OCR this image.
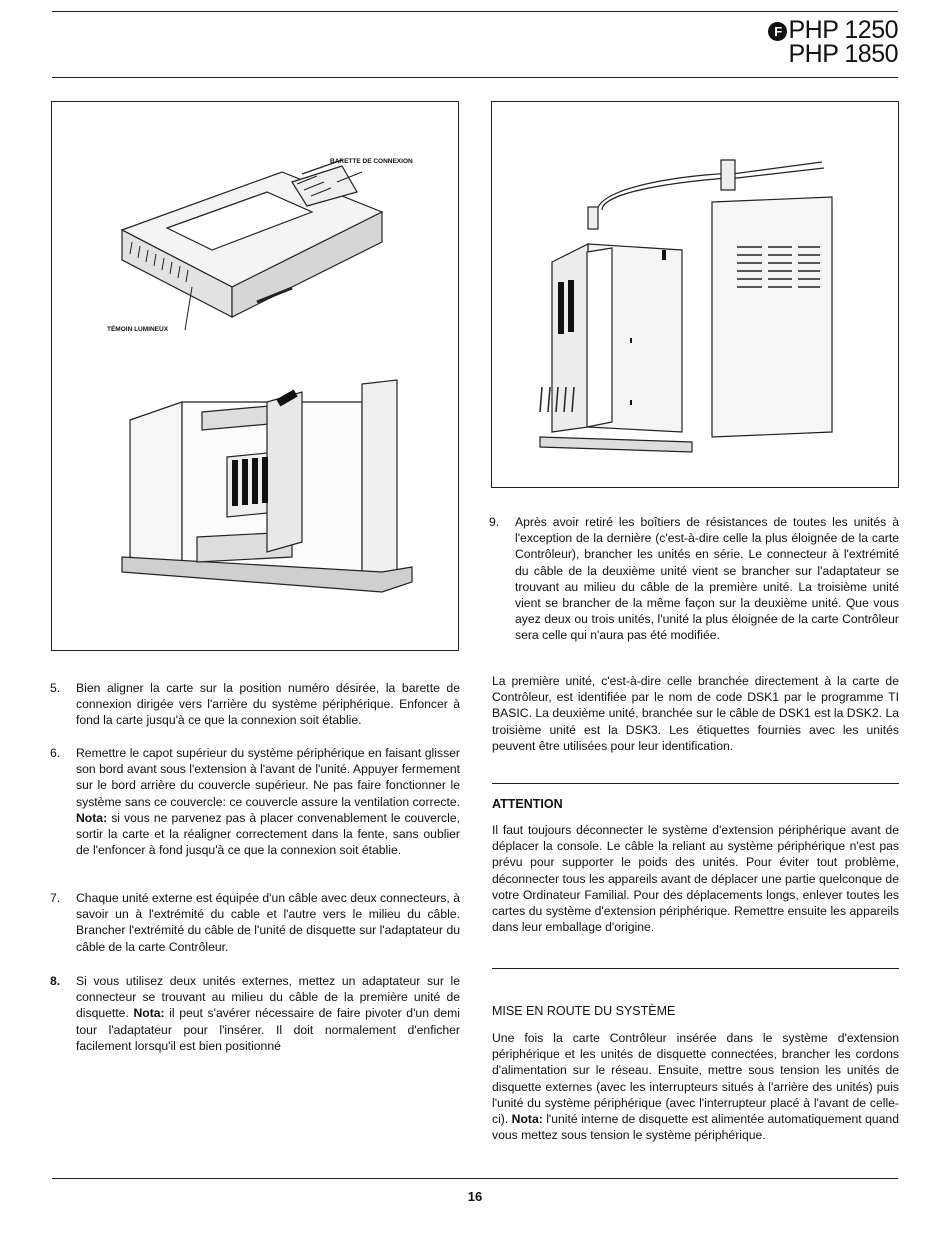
F PHP 1250
PHP 1850
BARETTE DE CONNEXION
TÉMOIN LUMINEUX
5. Bien aligner la carte sur la position numéro désirée, la barette de connexion dirigée vers l'arrière du système périphérique. Enfoncer à fond la carte jusqu'à ce que la connexion soit établie.
6. Remettre le capot supérieur du système périphérique en faisant glisser son bord avant sous l'extension à l'avant de l'unité. Appuyer fermement sur le bord arrière du couvercle supérieur. Ne pas faire fonctionner le système sans ce couvercle: ce couvercle assure la ventilation correcte. Nota: si vous ne parvenez pas à placer convenablement le couvercle, sortir la carte et la réaligner correctement dans la fente, sans oublier de l'enfoncer à fond jusqu'à ce que la connexion soit établie.
7. Chaque unité externe est équipée d'un câble avec deux connecteurs, à savoir un à l'extrémité du cable et l'autre vers le milieu du câble. Brancher l'extrémité du câble de l'unité de disquette sur l'adaptateur du câble de la carte Contrôleur.
8. Si vous utilisez deux unités externes, mettez un adaptateur sur le connecteur se trouvant au milieu du câble de la première unité de disquette. Nota: il peut s'avérer nécessaire de faire pivoter d'un demi tour l'adaptateur pour l'insérer. Il doit normalement d'enficher facilement lorsqu'il est bien positionné
9. Après avoir retiré les boîtiers de résistances de toutes les unités à l'exception de la dernière (c'est-à-dire celle la plus éloignée de la carte Contrôleur), brancher les unités en série. Le connecteur à l'extrémité du câble de la deuxième unité vient se brancher sur l'adaptateur se trouvant au milieu du câble de la première unité. La troisième unité vient se brancher de la même façon sur la deuxième unité. Que vous ayez deux ou trois unités, l'unité la plus éloignée de la carte Contrôleur sera celle qui n'aura pas été modifiée.
La première unité, c'est-à-dire celle branchée directement à la carte de Contrôleur, est identifiée par le nom de code DSK1 par le programme TI BASIC. La deuxième unité, branchée sur le câble de DSK1 est la DSK2. La troisième unité est la DSK3. Les étiquettes fournies avec les unités peuvent être utilisées pour leur identification.
ATTENTION
Il faut toujours déconnecter le système d'extension périphérique avant de déplacer la console. Le câble la reliant au système périphérique n'est pas prévu pour supporter le poids des unités. Pour éviter tout problème, déconnecter tous les appareils avant de déplacer une partie quelconque de votre Ordinateur Familial. Pour des déplacements longs, enlever toutes les cartes du système d'extension périphérique. Remettre ensuite les appareils dans leur emballage d'origine.
MISE EN ROUTE DU SYSTÈME
Une fois la carte Contrôleur insérée dans le système d'extension périphérique et les unités de disquette connectées, brancher les cordons d'alimentation sur le réseau. Ensuite, mettre sous tension les unités de disquette externes (avec les interrupteurs situés à l'arrière des unités) puis l'unité du système périphérique (avec l'interrupteur placé à l'avant de celle-ci). Nota: l'unité interne de disquette est alimentée automatiquement quand vous mettez sous tension le système périphérique.
16
